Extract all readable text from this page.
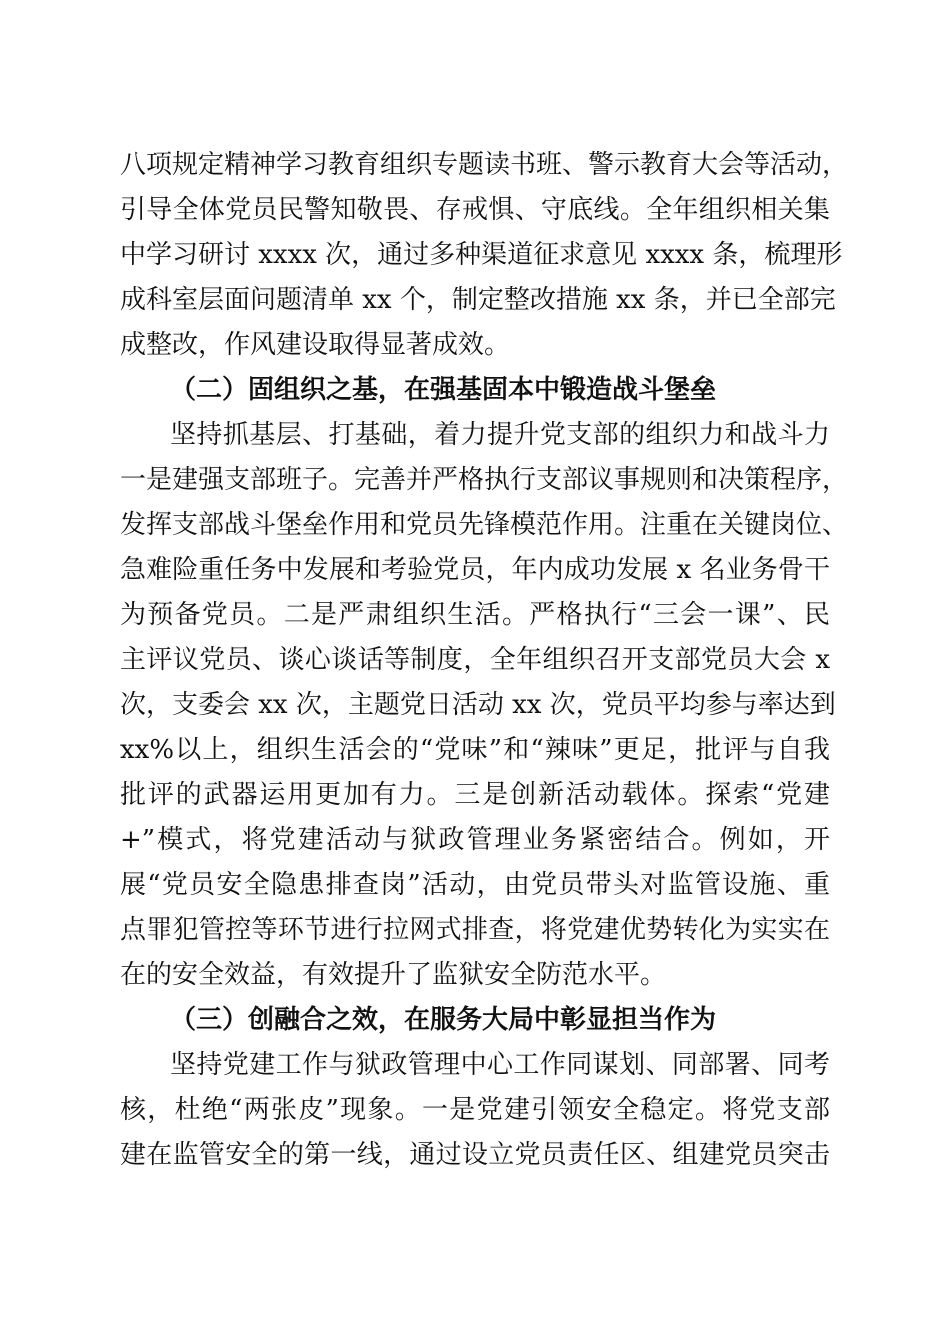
八项规定精神学习教育组织专题读书班、警示教育大会等活动，
引导全体党员民警知敬畏、存戒惧、守底线。全年组织相关集
中学习研讨 xxxx 次，通过多种渠道征求意见 xxxx 条，梳理形
成科室层面问题清单 xx 个，制定整改措施 xx 条，并已全部完
成整改，作风建设取得显著成效。
（二）固组织之基，在强基固本中锻造战斗堡垒
坚持抓基层、打基础，着力提升党支部的组织力和战斗力
一是建强支部班子。完善并严格执行支部议事规则和决策程序，
发挥支部战斗堡垒作用和党员先锋模范作用。注重在关键岗位、
急难险重任务中发展和考验党员，年内成功发展 x 名业务骨干
为预备党员。二是严肃组织生活。严格执行“三会一课”、民
主评议党员、谈心谈话等制度，全年组织召开支部党员大会 x
次，支委会 xx 次，主题党日活动 xx 次，党员平均参与率达到
xx%以上，组织生活会的“党味”和“辣味”更足，批评与自我
批评的武器运用更加有力。三是创新活动载体。探索“党建
+”模式，将党建活动与狱政管理业务紧密结合。例如，开
展“党员安全隐患排查岗”活动，由党员带头对监管设施、重
点罪犯管控等环节进行拉网式排查，将党建优势转化为实实在
在的安全效益，有效提升了监狱安全防范水平。
（三）创融合之效，在服务大局中彰显担当作为
坚持党建工作与狱政管理中心工作同谋划、同部署、同考
核，杜绝“两张皮”现象。一是党建引领安全稳定。将党支部
建在监管安全的第一线，通过设立党员责任区、组建党员突击
